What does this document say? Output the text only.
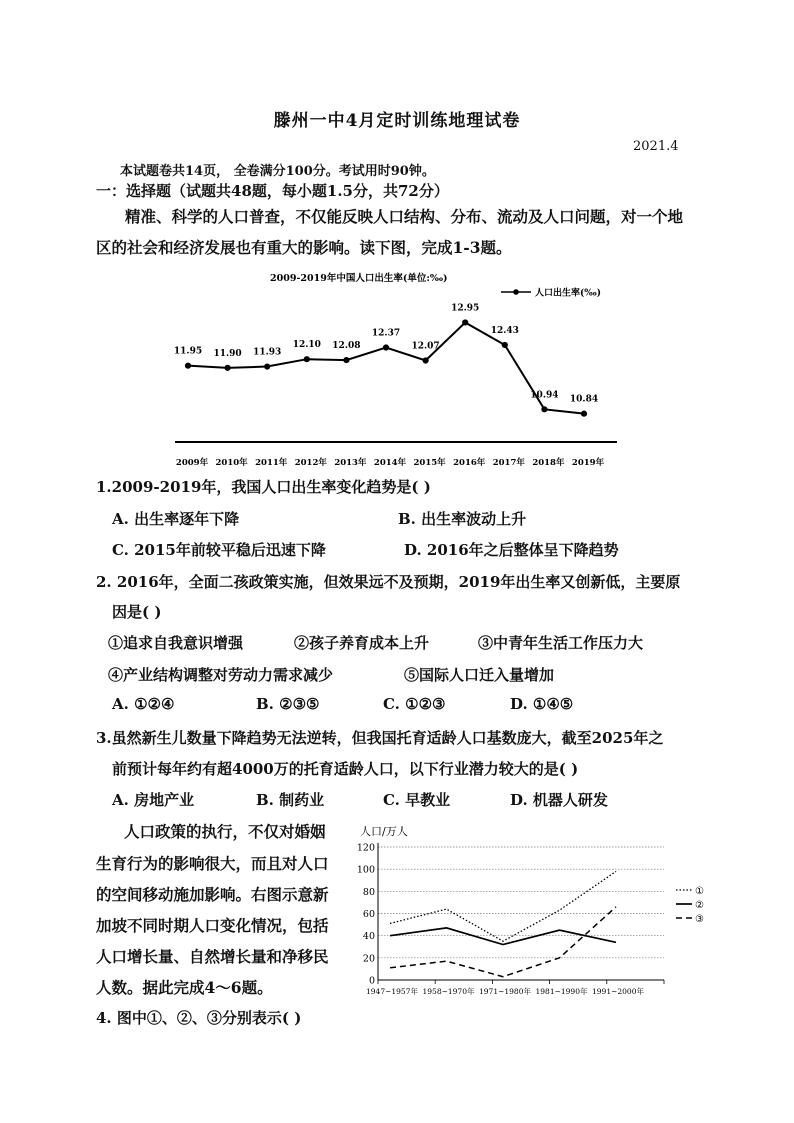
滕州一中4月定时训练地理试卷
2021.4
本试题卷共14页， 全卷满分100分。考试用时90钟。
一：选择题（试题共48题，每小题1.5分，共72分）
精准、科学的人口普查，不仅能反映人口结构、分布、流动及人口问题，对一个地
区的社会和经济发展也有重大的影响。读下图，完成1-3题。
2009-2019年中国人口出生率(单位:‰)
人口出生率(‰)
11.95 11.90 11.93
12.10 12.08
12.37
12.07
12.95
12.43
10.94 10.84
2009年 2010年 2011年 2012年 2013年 2014年 2015年 2016年 2017年 2018年 2019年
1.2009-2019年，我国人口出生率变化趋势是( )
A. 出生率逐年下降	B. 出生率波动上升
C. 2015年前较平稳后迅速下降	D. 2016年之后整体呈下降趋势
2. 2016年，全面二孩政策实施，但效果远不及预期，2019年出生率又创新低，主要原
因是( )
①追求自我意识增强	②孩子养育成本上升	③中青年生活工作压力大
④产业结构调整对劳动力需求减少	⑤国际人口迁入量增加
A. ①②④	B. ②③⑤	C. ①②③	D. ①④⑤
3.虽然新生儿数量下降趋势无法逆转，但我国托育适龄人口基数庞大，截至2025年之
前预计每年约有超4000万的托育适龄人口，以下行业潜力较大的是( )
A. 房地产业	B. 制药业	C. 早教业	D. 机器人研发
人口政策的执行，不仅对婚姻
生育行为的影响很大，而且对人口
的空间移动施加影响。右图示意新
加坡不同时期人口变化情况，包括
人口增长量、自然增长量和净移民
人数。据此完成4～6题。
人口/万人
0
20
40
60
80
100
120
1947~1957年 1958~1970年 1971~1980年 1981~1990年 1991~2000年
①
②
③
4. 图中①、②、③分别表示( )
